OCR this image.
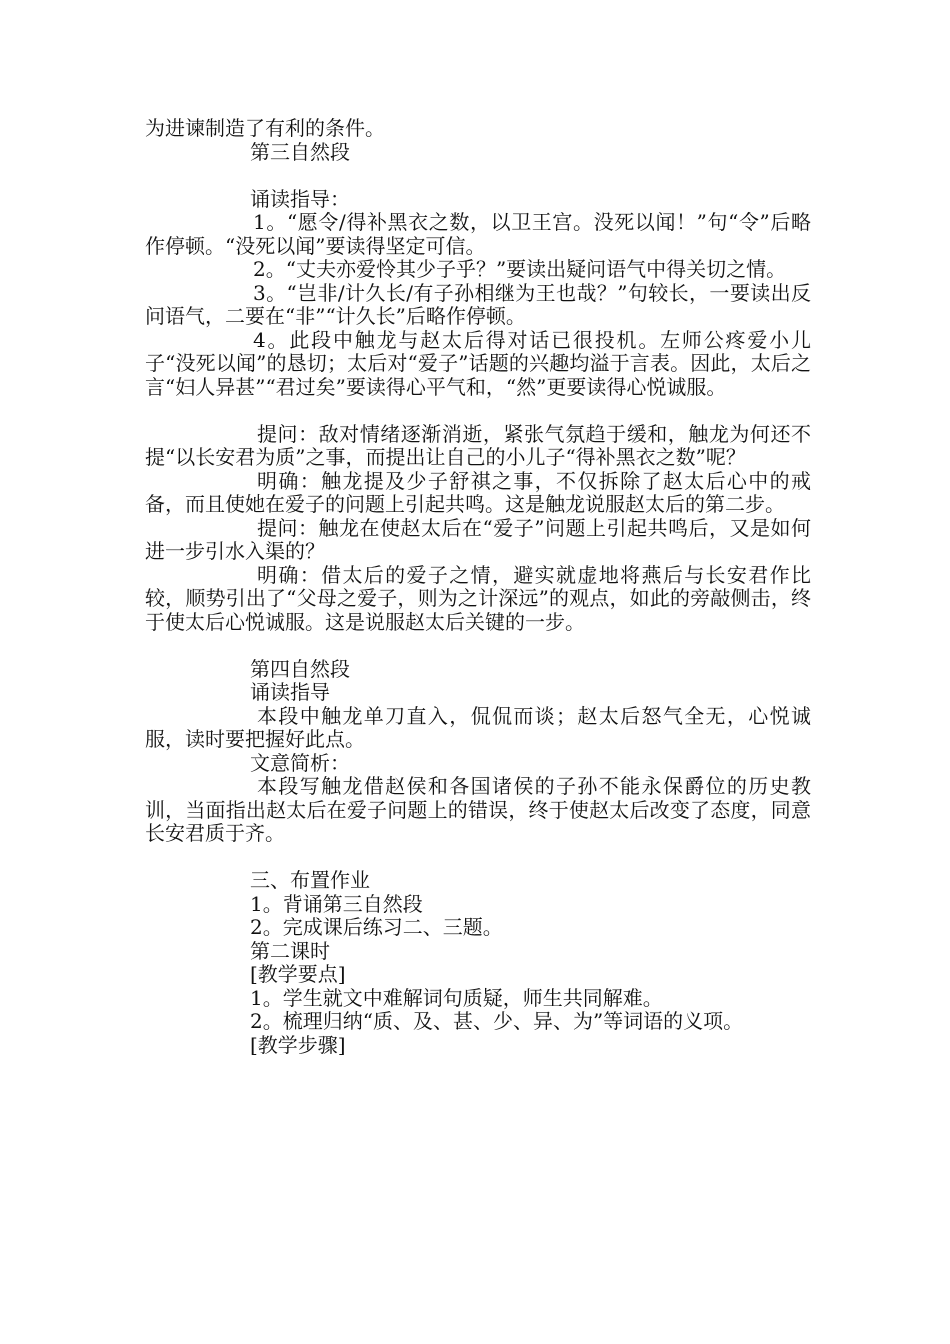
为进谏制造了有利的条件。
第三自然段
诵读指导：
1。“愿令/得补黑衣之数，以卫王宫。没死以闻！”句“令”后略作停顿。“没死以闻”要读得坚定可信。
2。“丈夫亦爱怜其少子乎？”要读出疑问语气中得关切之情。
3。“岂非/计久长/有子孙相继为王也哉？”句较长，一要读出反问语气，二要在“非”“计久长”后略作停顿。
4。此段中触龙与赵太后得对话已很投机。左师公疼爱小儿子“没死以闻”的恳切；太后对“爱子”话题的兴趣均溢于言表。因此，太后之言“妇人异甚”“君过矣”要读得心平气和，“然”更要读得心悦诚服。
提问：敌对情绪逐渐消逝，紧张气氛趋于缓和，触龙为何还不提“以长安君为质”之事，而提出让自己的小儿子“得补黑衣之数”呢？
明确：触龙提及少子舒祺之事，不仅拆除了赵太后心中的戒备，而且使她在爱子的问题上引起共鸣。这是触龙说服赵太后的第二步。
提问：触龙在使赵太后在“爱子”问题上引起共鸣后，又是如何进一步引水入渠的？
明确：借太后的爱子之情，避实就虚地将燕后与长安君作比较，顺势引出了“父母之爱子，则为之计深远”的观点，如此的旁敲侧击，终于使太后心悦诚服。这是说服赵太后关键的一步。
第四自然段
诵读指导
本段中触龙单刀直入，侃侃而谈；赵太后怒气全无，心悦诚服，读时要把握好此点。
文意简析：
本段写触龙借赵侯和各国诸侯的子孙不能永保爵位的历史教训，当面指出赵太后在爱子问题上的错误，终于使赵太后改变了态度，同意长安君质于齐。
三、布置作业
1。背诵第三自然段
2。完成课后练习二、三题。
第二课时
[教学要点]
1。学生就文中难解词句质疑，师生共同解难。
2。梳理归纳“质、及、甚、少、异、为”等词语的义项。
[教学步骤]
